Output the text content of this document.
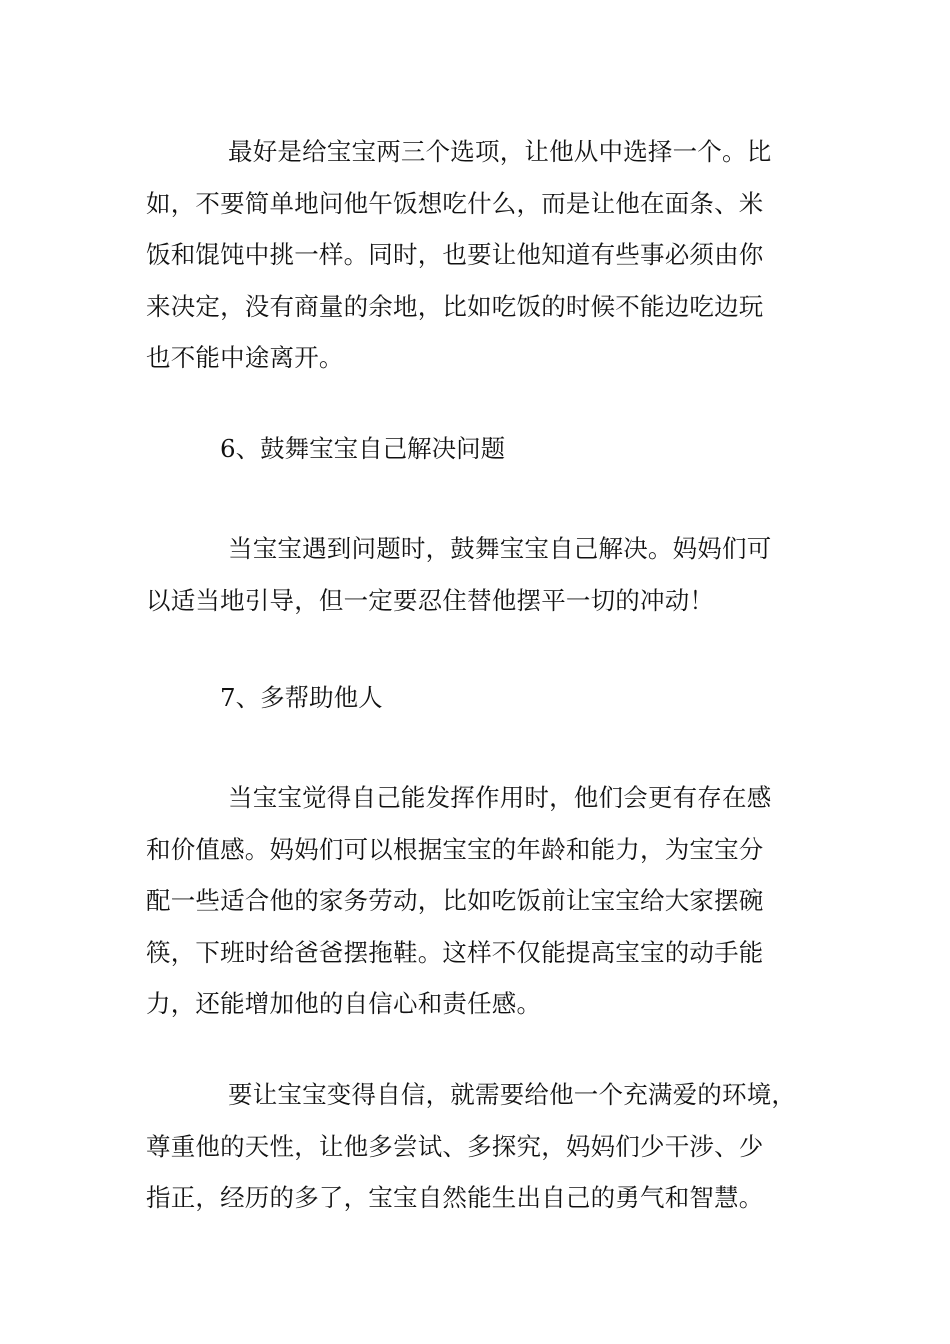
最好是给宝宝两三个选项，让他从中选择一个。比
如，不要简单地问他午饭想吃什么，而是让他在面条、米
饭和馄饨中挑一样。同时，也要让他知道有些事必须由你
来决定，没有商量的余地，比如吃饭的时候不能边吃边玩
也不能中途离开。

6、鼓舞宝宝自己解决问题

当宝宝遇到问题时，鼓舞宝宝自己解决。妈妈们可
以适当地引导，但一定要忍住替他摆平一切的冲动！

7、多帮助他人

当宝宝觉得自己能发挥作用时，他们会更有存在感
和价值感。妈妈们可以根据宝宝的年龄和能力，为宝宝分
配一些适合他的家务劳动，比如吃饭前让宝宝给大家摆碗
筷，下班时给爸爸摆拖鞋。这样不仅能提高宝宝的动手能
力，还能增加他的自信心和责任感。

要让宝宝变得自信，就需要给他一个充满爱的环境，
尊重他的天性，让他多尝试、多探究，妈妈们少干涉、少
指正，经历的多了，宝宝自然能生出自己的勇气和智慧。
